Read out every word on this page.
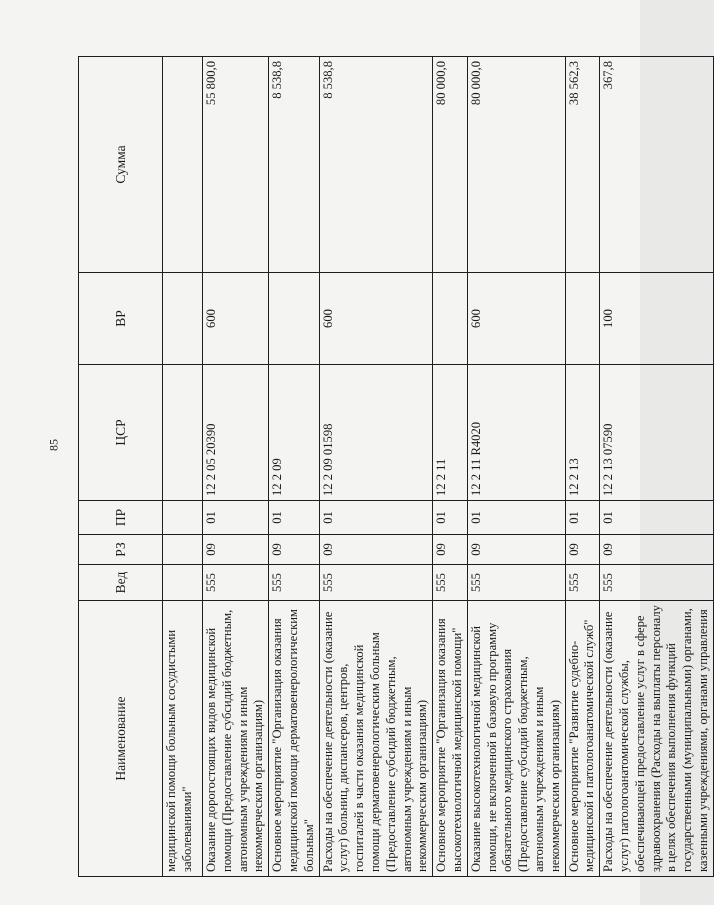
85
Наименование	Вед	РЗ	ПР	ЦСР	ВР	Сумма
медицинской помощи больным сосудистыми заболеваниями"						
Оказание дорогостоящих видов медицинской помощи (Предоставление субсидий бюджетным, автономным учреждениям и иным некоммерческим организациям)	555	09	01	12 2 05 20390	600	55 800,0
Основное мероприятие "Организация оказания медицинской помощи дерматовенерологическим больным"	555	09	01	12 2 09		8 538,8
Расходы на обеспечение деятельности (оказание услуг) больниц, диспансеров, центров, госпиталей в части оказания медицинской помощи дерматовенерологическим больным (Предоставление субсидий бюджетным, автономным учреждениям и иным некоммерческим организациям)	555	09	01	12 2 09 01598	600	8 538,8
Основное мероприятие "Организация оказания высокотехнологичной медицинской помощи"	555	09	01	12 2 11		80 000,0
Оказание высокотехнологичной медицинской помощи, не включенной в базовую программу обязательного медицинского страхования (Предоставление субсидий бюджетным, автономным учреждениям и иным некоммерческим организациям)	555	09	01	12 2 11 R4020	600	80 000,0
Основное мероприятие "Развитие судебно-медицинской и патологоанатомической служб"	555	09	01	12 2 13		38 562,3
Расходы на обеспечение деятельности (оказание услуг) патологоанатомической службы, обеспечивающей предоставление услуг в сфере здравоохранения (Расходы на выплаты персоналу в целях обеспечения выполнения функций государственными (муниципальными) органами, казенными учреждениями, органами управления	555	09	01	12 2 13 07590	100	367,8
